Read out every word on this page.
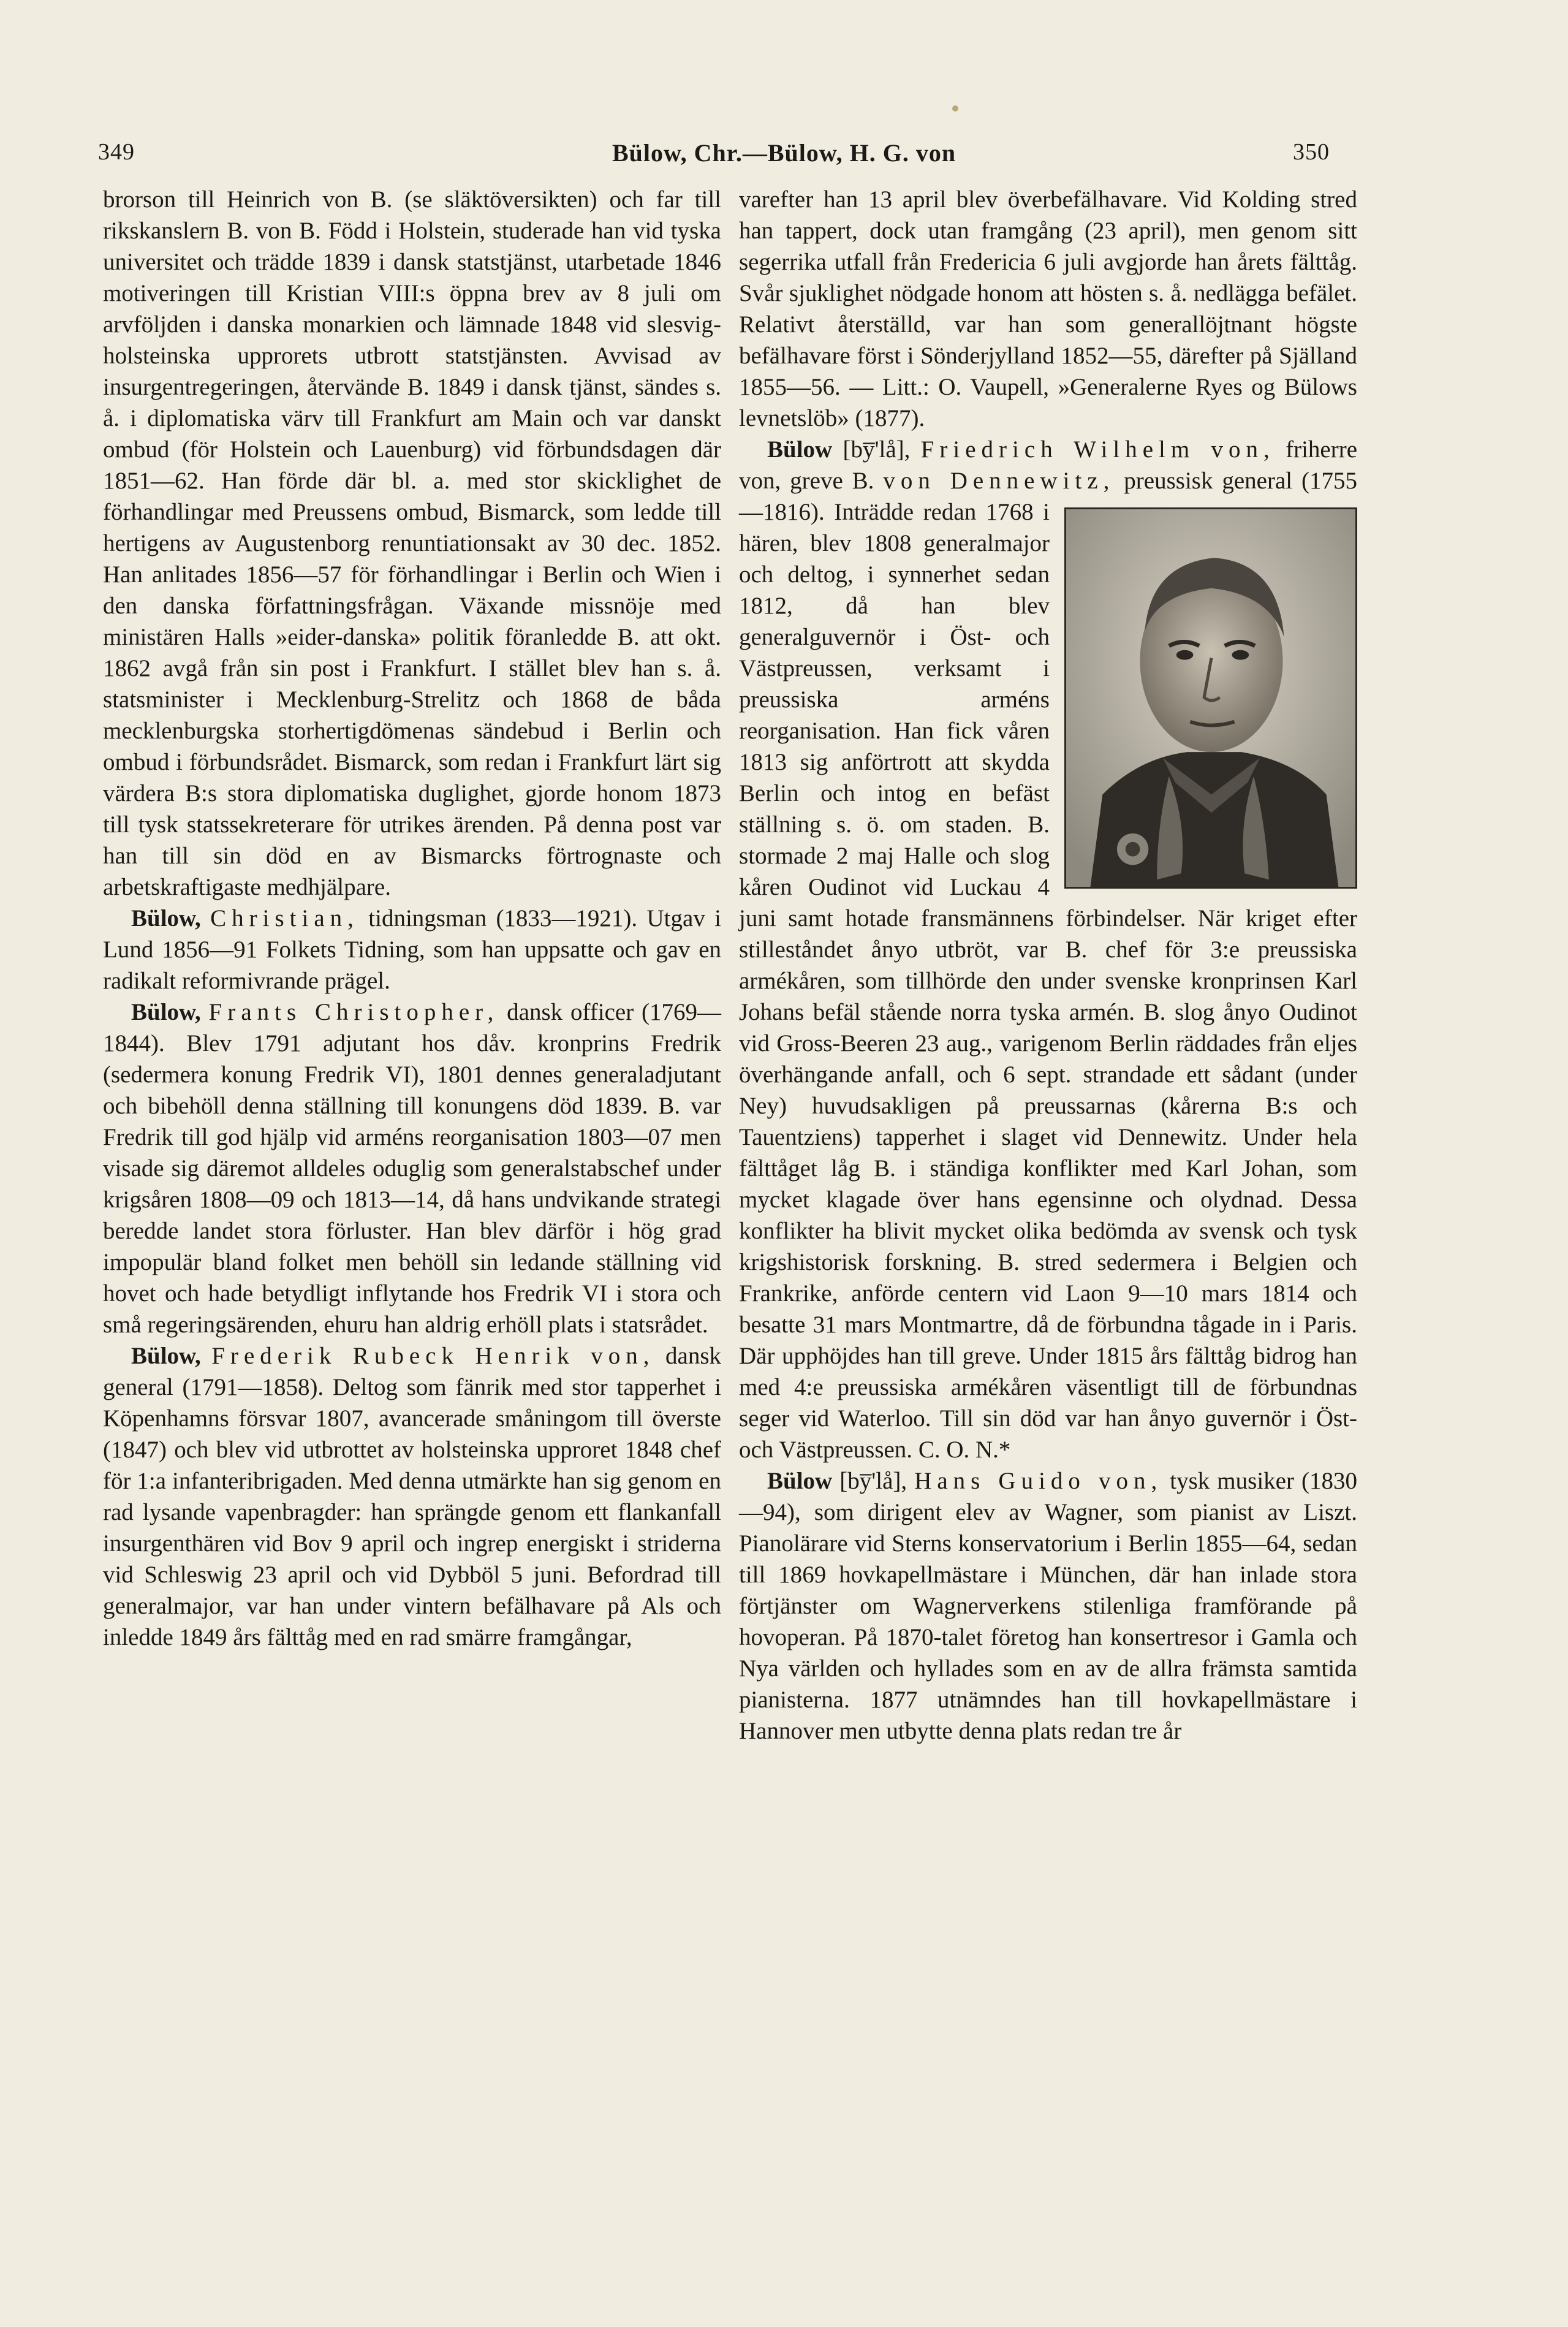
349	Bülow, Chr.—Bülow, H. G. von	350

brorson till Heinrich von B. (se släktöversikten) och far till rikskanslern B. von B. Född i Holstein, studerade han vid tyska universitet och trädde 1839 i dansk statstjänst, utarbetade 1846 motiveringen till Kristian VIII:s öppna brev av 8 juli om arvföljden i danska monarkien och lämnade 1848 vid slesvig-holsteinska upprorets utbrott statstjänsten. Avvisad av insurgentregeringen, återvände B. 1849 i dansk tjänst, sändes s. å. i diplomatiska värv till Frankfurt am Main och var danskt ombud (för Holstein och Lauenburg) vid förbundsdagen där 1851—62. Han förde där bl. a. med stor skicklighet de förhandlingar med Preussens ombud, Bismarck, som ledde till hertigens av Augustenborg renuntiationsakt av 30 dec. 1852. Han anlitades 1856—57 för förhandlingar i Berlin och Wien i den danska författningsfrågan. Växande missnöje med ministären Halls »eider-danska» politik föranledde B. att okt. 1862 avgå från sin post i Frankfurt. I stället blev han s. å. statsminister i Mecklenburg-Strelitz och 1868 de båda mecklenburgska storhertigdömenas sändebud i Berlin och ombud i förbundsrådet. Bismarck, som redan i Frankfurt lärt sig värdera B:s stora diplomatiska duglighet, gjorde honom 1873 till tysk statssekreterare för utrikes ärenden. På denna post var han till sin död en av Bismarcks förtrognaste och arbetskraftigaste medhjälpare.

Bülow, Christian, tidningsman (1833—1921). Utgav i Lund 1856—91 Folkets Tidning, som han uppsatte och gav en radikalt reformivrande prägel.

Bülow, Frants Christopher, dansk officer (1769—1844). Blev 1791 adjutant hos dåv. kronprins Fredrik (sedermera konung Fredrik VI), 1801 dennes generaladjutant och bibehöll denna ställning till konungens död 1839. B. var Fredrik till god hjälp vid arméns reorganisation 1803—07 men visade sig däremot alldeles oduglig som generalstabschef under krigsåren 1808—09 och 1813—14, då hans undvikande strategi beredde landet stora förluster. Han blev därför i hög grad impopulär bland folket men behöll sin ledande ställning vid hovet och hade betydligt inflytande hos Fredrik VI i stora och små regeringsärenden, ehuru han aldrig erhöll plats i statsrådet.

Bülow, Frederik Rubeck Henrik von, dansk general (1791—1858). Deltog som fänrik med stor tapperhet i Köpenhamns försvar 1807, avancerade småningom till överste (1847) och blev vid utbrottet av holsteinska upproret 1848 chef för 1:a infanteribrigaden. Med denna utmärkte han sig genom en rad lysande vapenbragder: han sprängde genom ett flankanfall insurgenthären vid Bov 9 april och ingrep energiskt i striderna vid Schleswig 23 april och vid Dybböl 5 juni. Befordrad till generalmajor, var han under vintern befälhavare på Als och inledde 1849 års fälttåg med en rad smärre framgångar,

varefter han 13 april blev överbefälhavare. Vid Kolding stred han tappert, dock utan framgång (23 april), men genom sitt segerrika utfall från Fredericia 6 juli avgjorde han årets fälttåg. Svår sjuklighet nödgade honom att hösten s. å. nedlägga befälet. Relativt återställd, var han som generallöjtnant högste befälhavare först i Sönderjylland 1852—55, därefter på Själland 1855—56. — Litt.: O. Vaupell, »Generalerne Ryes og Bülows levnetslöb» (1877).

Bülow [by̅'lå], Friedrich Wilhelm von, friherre von, greve B. von Dennewitz,
preussisk general (1755—1816). Inträdde redan 1768 i hären, blev 1808 generalmajor och deltog, i synnerhet sedan 1812, då han blev generalguvernör i Öst- och Västpreussen, verksamt i preussiska arméns reorganisation. Han fick våren 1813 sig anförtrott att skydda Berlin och intog en befäst ställning s. ö. om staden. B. stormade 2 maj Halle och slog kåren Oudinot vid Luckau 4 juni samt hotade fransmännens förbindelser. När kriget efter stilleståndet ånyo utbröt, var B. chef för 3:e preussiska armékåren, som tillhörde den under svenske kronprinsen Karl Johans befäl stående norra tyska armén. B. slog ånyo Oudinot vid Gross-Beeren 23 aug., varigenom Berlin räddades från eljes överhängande anfall, och 6 sept. strandade ett sådant (under Ney) huvudsakligen på preussarnas (kårerna B:s och Tauentziens) tapperhet i slaget vid Dennewitz. Under hela fälttåget låg B. i ständiga konflikter med Karl Johan, som mycket klagade över hans egensinne och olydnad. Dessa konflikter ha blivit mycket olika bedömda av svensk och tysk krigshistorisk forskning. B. stred sedermera i Belgien och Frankrike, anförde centern vid Laon 9—10 mars 1814 och besatte 31 mars Montmartre, då de förbundna tågade in i Paris. Där upphöjdes han till greve. Under 1815 års fälttåg bidrog han med 4:e preussiska armékåren väsentligt till de förbundnas seger vid Waterloo. Till sin död var han ånyo guvernör i Öst- och Västpreussen. C. O. N.*

Bülow [by̅'lå], Hans Guido von, tysk musiker (1830—94), som dirigent elev av Wagner, som pianist av Liszt. Pianolärare vid Sterns konservatorium i Berlin 1855—64, sedan till 1869 hovkapellmästare i München, där han inlade stora förtjänster om Wagnerverkens stilenliga framförande på hovoperan. På 1870-talet företog han konsertresor i Gamla och Nya världen och hyllades som en av de allra främsta samtida pianisterna. 1877 utnämndes han till hovkapellmästare i Hannover men utbytte denna plats redan tre år
